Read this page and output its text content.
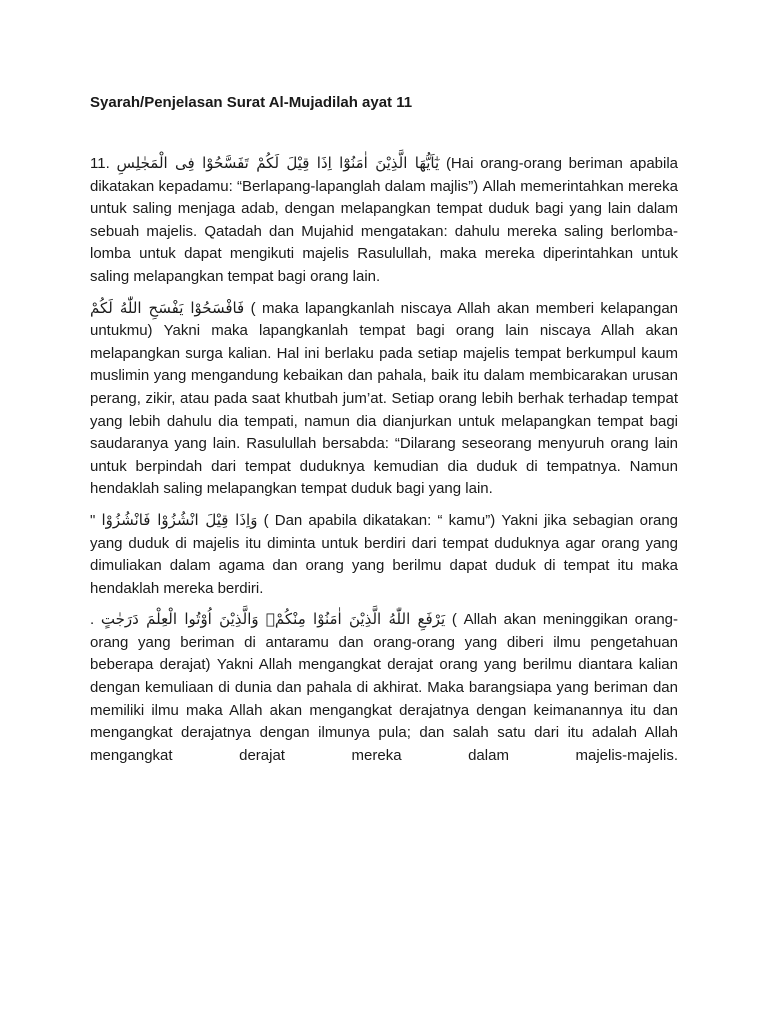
Syarah/Penjelasan Surat Al-Mujadilah ayat 11

11. يٰٓاَيُّهَا الَّذِيْنَ اٰمَنُوْٓا اِذَا قِيْلَ لَكُمْ تَفَسَّحُوْا فِى الْمَجٰلِسِ (Hai orang-orang beriman apabila dikatakan kepadamu: “Berlapang-lapanglah dalam majlis”) Allah memerintahkan mereka untuk saling menjaga adab, dengan melapangkan tempat duduk bagi yang lain dalam sebuah majelis. Qatadah dan Mujahid mengatakan: dahulu mereka saling berlomba-lomba untuk dapat mengikuti majelis Rasulullah, maka mereka diperintahkan untuk saling melapangkan tempat bagi orang lain.

فَافْسَحُوْا يَفْسَحِ اللّٰهُ لَكُمْ ( maka lapangkanlah niscaya Allah akan memberi kelapangan untukmu) Yakni maka lapangkanlah tempat bagi orang lain niscaya Allah akan melapangkan surga kalian. Hal ini berlaku pada setiap majelis tempat berkumpul kaum muslimin yang mengandung kebaikan dan pahala, baik itu dalam membicarakan urusan perang, zikir, atau pada saat khutbah jum’at. Setiap orang lebih berhak terhadap tempat yang lebih dahulu dia tempati, namun dia dianjurkan untuk melapangkan tempat bagi saudaranya yang lain. Rasulullah bersabda: “Dilarang seseorang menyuruh orang lain untuk berpindah dari tempat duduknya kemudian dia duduk di tempatnya. Namun hendaklah saling melapangkan tempat duduk bagi yang lain.

" وَاِذَا قِيْلَ انْشُزُوْا فَانْشُزُوْا ( Dan apabila dikatakan: “ kamu”) Yakni jika sebagian orang yang duduk di majelis itu diminta untuk berdiri dari tempat duduknya agar orang yang dimuliakan dalam agama dan orang yang berilmu dapat duduk di tempat itu maka hendaklah mereka berdiri.

. يَرْفَعِ اللّٰهُ الَّذِيْنَ اٰمَنُوْا مِنْكُمْۙ وَالَّذِيْنَ اُوْتُوا الْعِلْمَ دَرَجٰتٍ ( Allah akan meninggikan orang-orang yang beriman di antaramu dan orang-orang yang diberi ilmu pengetahuan beberapa derajat) Yakni Allah mengangkat derajat orang yang berilmu diantara kalian dengan kemuliaan di dunia dan pahala di akhirat. Maka barangsiapa yang beriman dan memiliki ilmu maka Allah akan mengangkat derajatnya dengan keimanannya itu dan mengangkat derajatnya dengan ilmunya pula; dan salah satu dari itu adalah Allah mengangkat derajat mereka dalam majelis-majelis.
